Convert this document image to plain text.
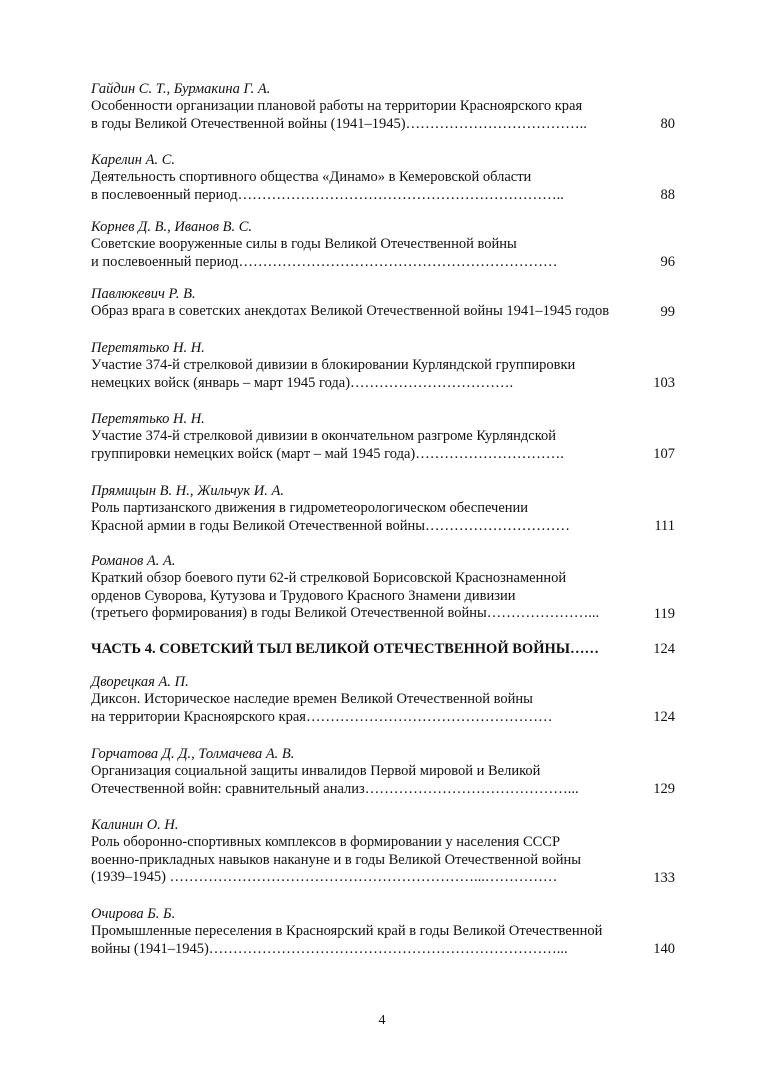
Гайдин С. Т., Бурмакина Г. А.
Особенности организации плановой работы на территории Красноярского края
в годы Великой Отечественной войны (1941–1945)………………………………..	80
Карелин А. С.
Деятельность спортивного общества «Динамо» в Кемеровской области
в послевоенный период…………………………………………………………..	88
Корнев Д. В., Иванов В. С.
Советские вооруженные силы в годы Великой Отечественной войны
и послевоенный период…………………………………………………………	96
Павлюкевич Р. В.
Образ врага в советских анекдотах Великой Отечественной войны 1941–1945 годов	99
Перетятько Н. Н.
Участие 374-й стрелковой дивизии в блокировании Курляндской группировки
немецких войск (январь – март 1945 года)…………………………….	103
Перетятько Н. Н.
Участие 374-й стрелковой дивизии в окончательном разгроме Курляндской
группировки немецких войск (март – май 1945 года)………………………….	107
Прямицын В. Н., Жильчук И. А.
Роль партизанского движения в гидрометеорологическом обеспечении
Красной армии в годы Великой Отечественной войны…………………………	111
Романов А. А.
Краткий обзор боевого пути 62-й стрелковой Борисовской Краснознаменной
орденов Суворова, Кутузова и Трудового Красного Знамени дивизии
(третьего формирования) в годы Великой Отечественной войны…………………...	119
ЧАСТЬ 4. СОВЕТСКИЙ ТЫЛ ВЕЛИКОЙ ОТЕЧЕСТВЕННОЙ ВОЙНЫ……	124
Дворецкая А. П.
Диксон. Историческое наследие времен Великой Отечественной войны
на территории Красноярского края……………………………………………	124
Горчатова Д. Д., Толмачева А. В.
Организация социальной защиты инвалидов Первой мировой и Великой
Отечественной войн: сравнительный анализ……………………………………...	129
Калинин О. Н.
Роль оборонно-спортивных комплексов в формировании у населения СССР
военно-прикладных навыков накануне и в годы Великой Отечественной войны
(1939–1945) ………………………………………………………...……………	133
Очирова Б. Б.
Промышленные переселения в Красноярский край в годы Великой Отечественной
войны (1941–1945)………………………………………………………………...	140
4
